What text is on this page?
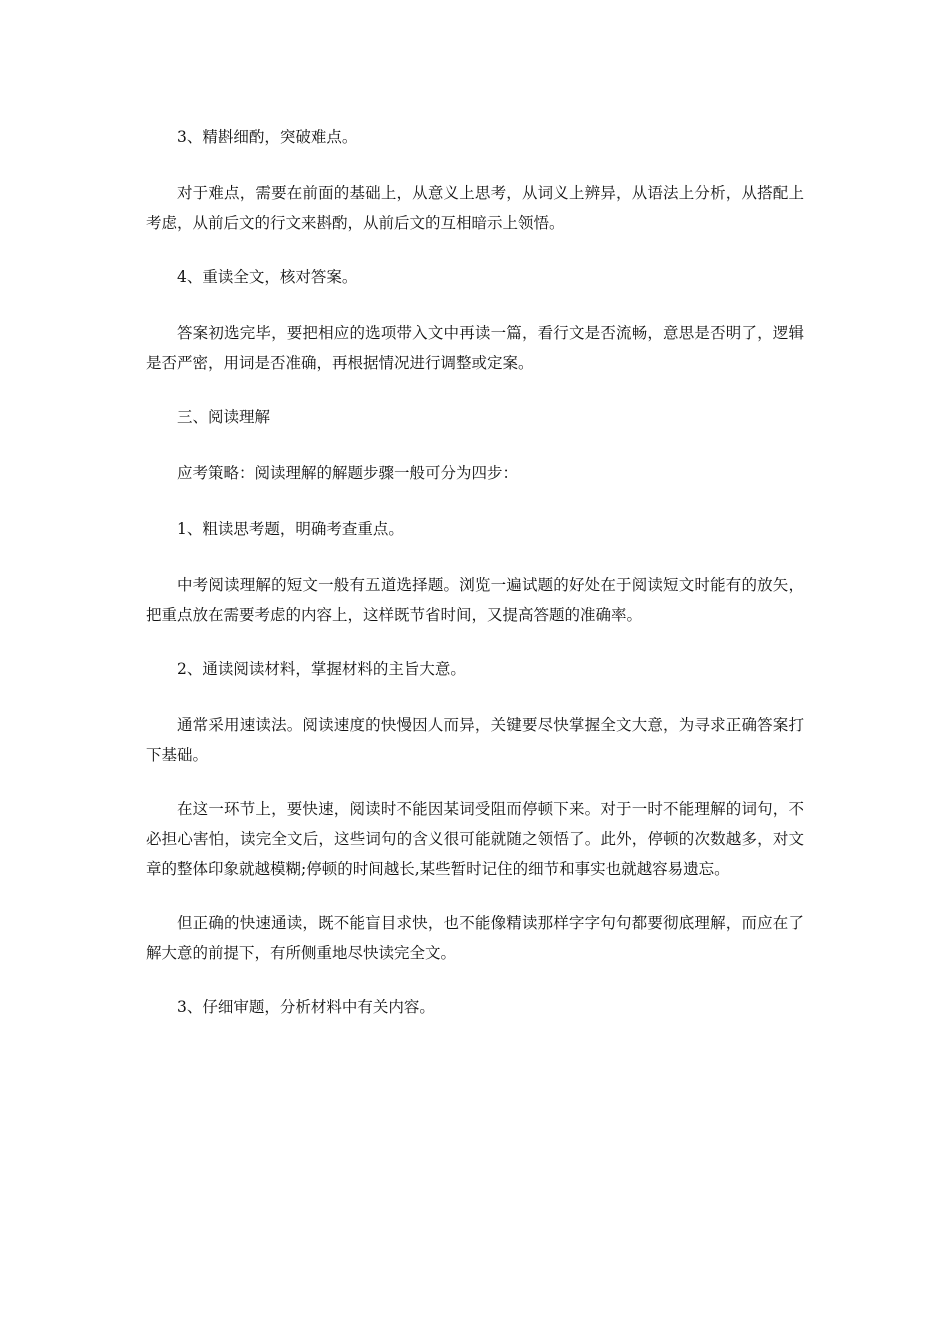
3、精斟细酌，突破难点。

对于难点，需要在前面的基础上，从意义上思考，从词义上辨异，从语法上分析，从搭配上考虑，从前后文的行文来斟酌，从前后文的互相暗示上领悟。

4、重读全文，核对答案。

答案初选完毕，要把相应的选项带入文中再读一篇，看行文是否流畅，意思是否明了，逻辑是否严密，用词是否准确，再根据情况进行调整或定案。

三、阅读理解

应考策略：阅读理解的解题步骤一般可分为四步：

1、粗读思考题，明确考查重点。

中考阅读理解的短文一般有五道选择题。浏览一遍试题的好处在于阅读短文时能有的放矢，把重点放在需要考虑的内容上，这样既节省时间，又提高答题的准确率。

2、通读阅读材料，掌握材料的主旨大意。

通常采用速读法。阅读速度的快慢因人而异，关键要尽快掌握全文大意，为寻求正确答案打下基础。

在这一环节上，要快速，阅读时不能因某词受阻而停顿下来。对于一时不能理解的词句，不必担心害怕，读完全文后，这些词句的含义很可能就随之领悟了。此外，停顿的次数越多，对文章的整体印象就越模糊;停顿的时间越长,某些暂时记住的细节和事实也就越容易遗忘。

但正确的快速通读，既不能盲目求快，也不能像精读那样字字句句都要彻底理解，而应在了解大意的前提下，有所侧重地尽快读完全文。

3、仔细审题，分析材料中有关内容。
